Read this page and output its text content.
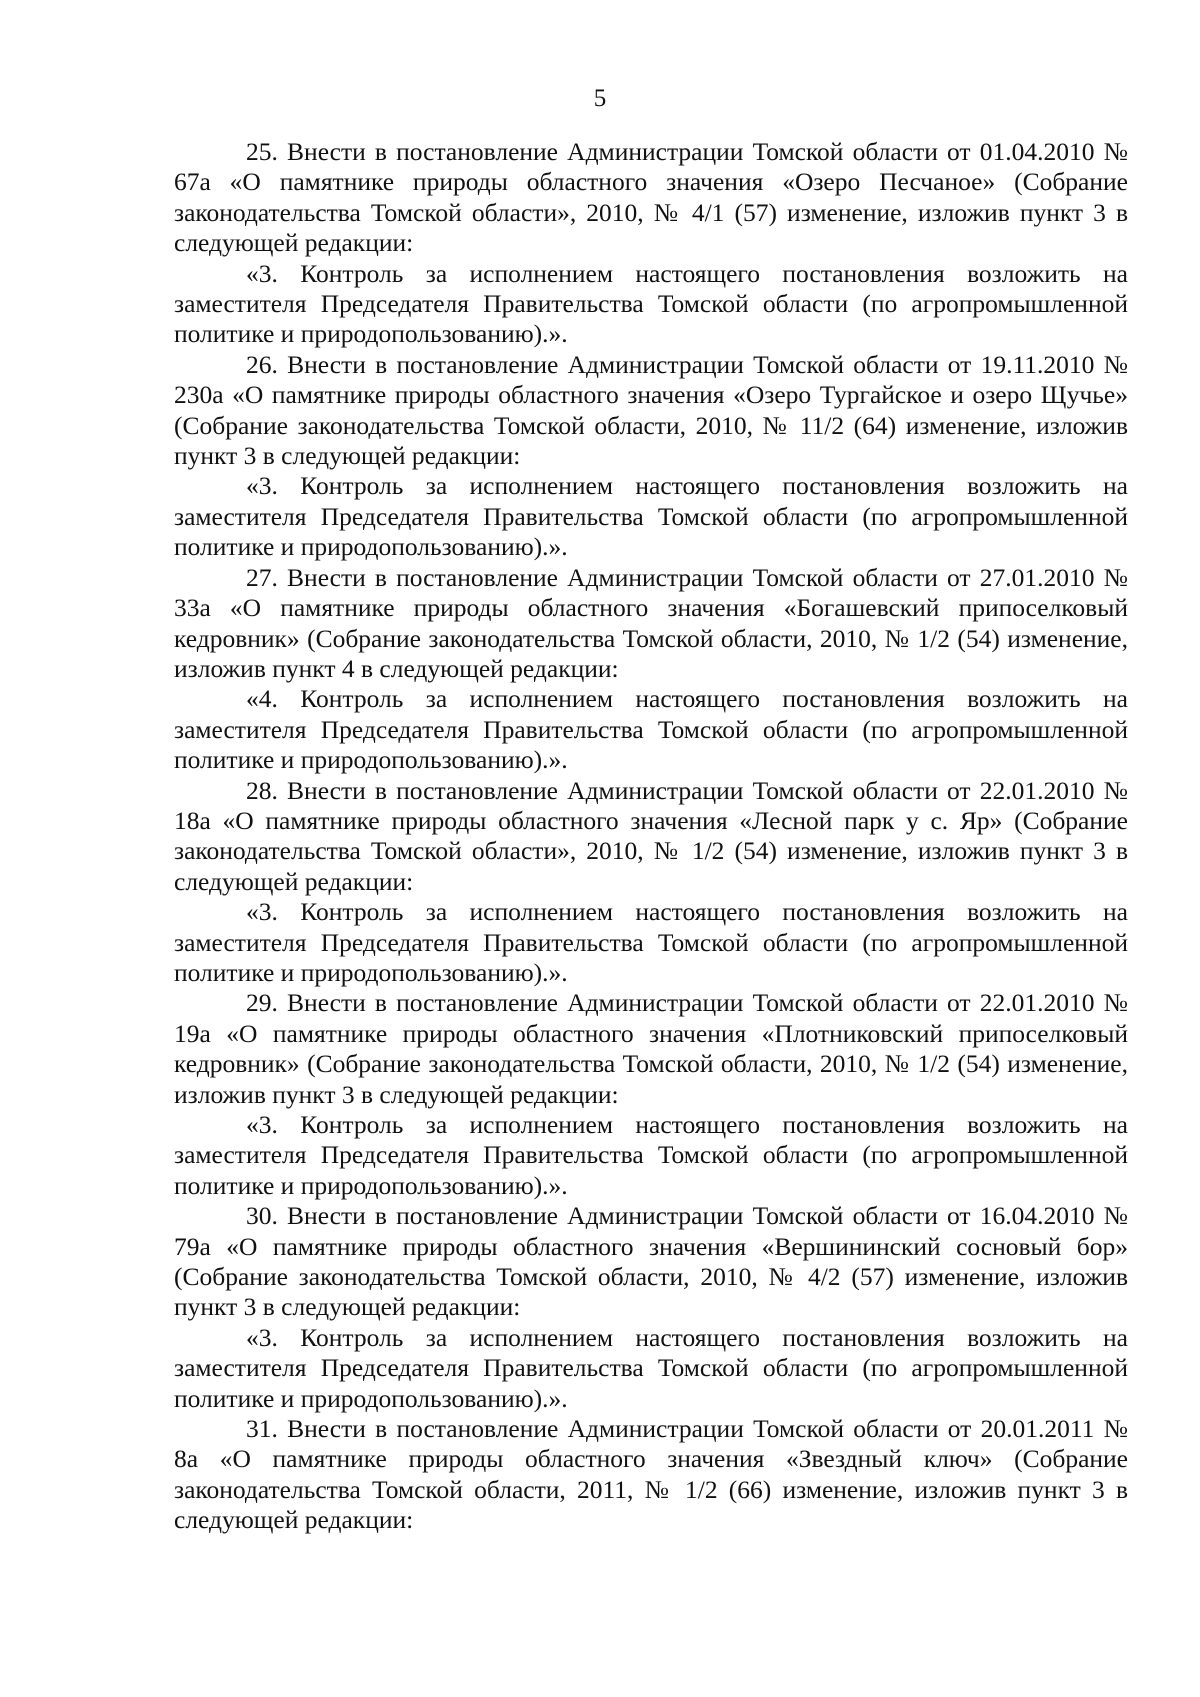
5

25. Внести в постановление Администрации Томской области от 01.04.2010 № 67а «О памятнике природы областного значения «Озеро Песчаное» (Собрание законодательства Томской области», 2010, № 4/1 (57) изменение, изложив пункт 3 в следующей редакции:

«3. Контроль за исполнением настоящего постановления возложить на заместителя Председателя Правительства Томской области (по агропромышленной политике и природопользованию).».

26. Внести в постановление Администрации Томской области от 19.11.2010 № 230а «О памятнике природы областного значения «Озеро Тургайское и озеро Щучье» (Собрание законодательства Томской области, 2010, № 11/2 (64) изменение, изложив пункт 3 в следующей редакции:

«3. Контроль за исполнением настоящего постановления возложить на заместителя Председателя Правительства Томской области (по агропромышленной политике и природопользованию).».

27. Внести в постановление Администрации Томской области от 27.01.2010 № 33а «О памятнике природы областного значения «Богашевский припоселковый кедровник» (Собрание законодательства Томской области, 2010, № 1/2 (54) изменение, изложив пункт 4 в следующей редакции:

«4. Контроль за исполнением настоящего постановления возложить на заместителя Председателя Правительства Томской области (по агропромышленной политике и природопользованию).».

28. Внести в постановление Администрации Томской области от 22.01.2010 № 18а «О памятнике природы областного значения «Лесной парк у с. Яр» (Собрание законодательства Томской области», 2010, № 1/2 (54) изменение, изложив пункт 3 в следующей редакции:

«3. Контроль за исполнением настоящего постановления возложить на заместителя Председателя Правительства Томской области (по агропромышленной политике и природопользованию).».

29. Внести в постановление Администрации Томской области от 22.01.2010 № 19а «О памятнике природы областного значения «Плотниковский припоселковый кедровник» (Собрание законодательства Томской области, 2010, № 1/2 (54) изменение, изложив пункт 3 в следующей редакции:

«3. Контроль за исполнением настоящего постановления возложить на заместителя Председателя Правительства Томской области (по агропромышленной политике и природопользованию).».

30. Внести в постановление Администрации Томской области от 16.04.2010 № 79а «О памятнике природы областного значения «Вершининский сосновый бор» (Собрание законодательства Томской области, 2010, № 4/2 (57) изменение, изложив пункт 3 в следующей редакции:

«3. Контроль за исполнением настоящего постановления возложить на заместителя Председателя Правительства Томской области (по агропромышленной политике и природопользованию).».

31. Внести в постановление Администрации Томской области от 20.01.2011 № 8а «О памятнике природы областного значения «Звездный ключ» (Собрание законодательства Томской области, 2011, № 1/2 (66) изменение, изложив пункт 3 в следующей редакции:
